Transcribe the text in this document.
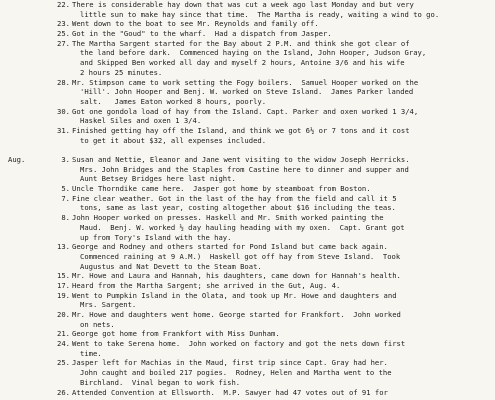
22. There is considerable hay down that was cut a week ago last Monday and but very
little sun to make hay since that time.  The Martha is ready, waiting a wind to go.
23. Went down to the boat to see Mr. Reynolds and family off.
25. Got in the "Goud" to the wharf.  Had a dispatch from Jasper.
27. The Martha Sargent started for the Bay about 2 P.M. and think she got clear of
the land before dark.  Commenced haying on the Island, John Hooper, Judson Gray,
and Skipped Ben worked all day and myself 2 hours, Antoine 3/6 and his wife
2 hours 25 minutes.
28. Mr. Stimpson came to work setting the Fogy boilers.  Samuel Hooper worked on the
'Hill'. John Hooper and Benj. W. worked on Steve Island.  James Parker landed
salt.   James Eaton worked 8 hours, poorly.
30. Got one gondola load of hay from the Island. Capt. Parker and oxen worked 1 3/4,
Haskel Siles and oxen 1 3/4.
31. Finished getting hay off the Island, and think we got 6½ or 7 tons and it cost
to get it about $32, all expenses included.
Aug.	3. Susan and Nettie, Eleanor and Jane went visiting to the widow Joseph Herricks.
Mrs. John Bridges and the Staples from Castine here to dinner and supper and
Aunt Betsey Bridges here last night.
5. Uncle Thorndike came here.  Jasper got home by steamboat from Boston.
7. Fine clear weather. Got in the last of the hay from the field and call it 5
tons, same as last year, costing altogether about $16 including the teas.
8. John Hooper worked on presses. Haskell and Mr. Smith worked painting the
Maud.  Benj. W. worked ½ day hauling heading with my oxen.  Capt. Grant got
up from Tory's Island with the hay.
13. George and Rodney and others started for Pond Island but came back again.
Commenced raining at 9 A.M.)  Haskell got off hay from Steve Island.  Took
Augustus and Nat Devett to the Steam Boat.
15. Mr. Howe and Laura and Hannah, his daughters, came down for Hannah's health.
17. Heard from the Martha Sargent; she arrived in the Gut, Aug. 4.
19. Went to Pumpkin Island in the Olata, and took up Mr. Howe and daughters and
Mrs. Sargent.
20. Mr. Howe and daughters went home. George started for Frankfort.  John worked
on nets.
21. George got home from Frankfort with Miss Dunham.
24. Went to take Serena home.  John worked on factory and got the nets down first
time.
25. Jasper left for Machias in the Maud, first trip since Capt. Gray had her.
John caught and boiled 217 pogies.  Rodney, Helen and Martha went to the
Birchland.  Vinal began to work fish.
26. Attended Convention at Ellsworth.  M.P. Sawyer had 47 votes out of 91 for
